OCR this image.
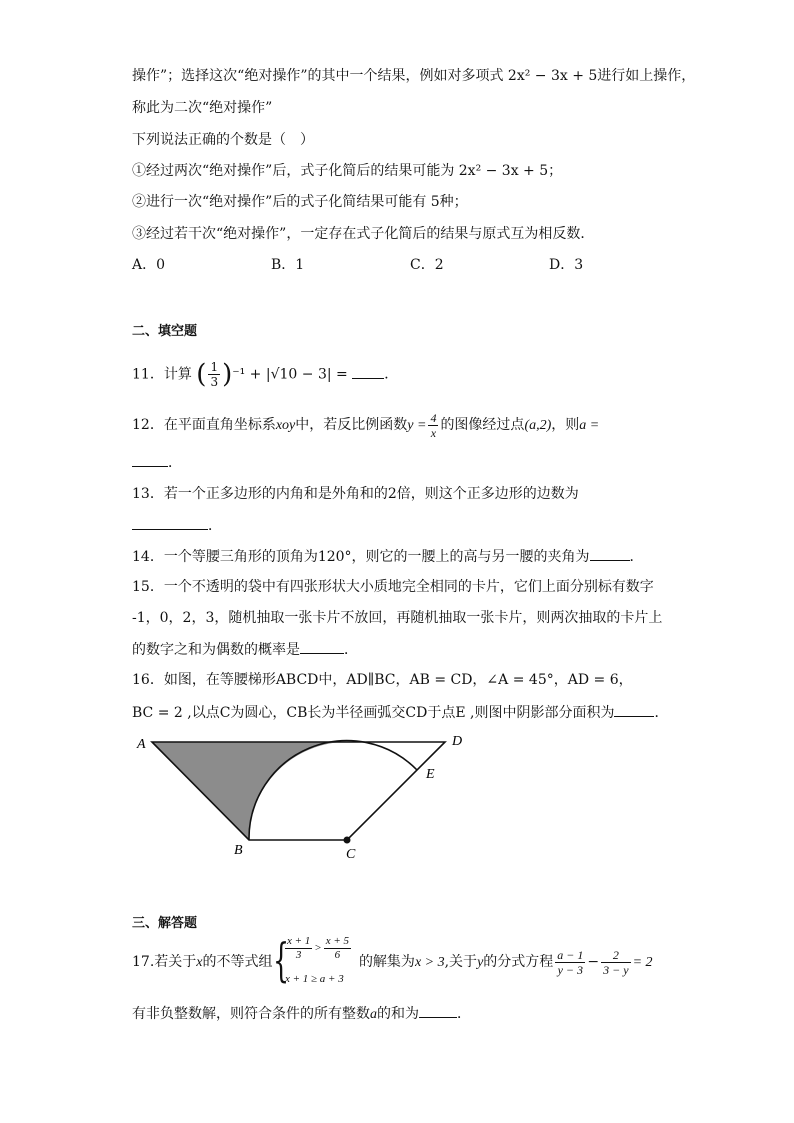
操作”；选择这次“绝对操作”的其中一个结果，例如对多项式 2x² − 3x + 5进行如上操作，
称此为二次“绝对操作”
下列说法正确的个数是（　）
①经过两次“绝对操作”后，式子化简后的结果可能为 2x² − 3x + 5；
②进行一次“绝对操作”后的式子化简结果可能有 5种；
③经过若干次“绝对操作”，一定存在式子化简后的结果与原式互为相反数．
A．0	B．1	C．2	D．3
二、填空题
11．计算 ( $\frac{1}{3} )^{-1} + |√10 - 3|$ =	．
12．在平面直角坐标系xoy中，若反比例函数$y = \frac{4}{x}$ 的图像经过点(a,2)，则a =
．
13．若一个正多边形的内角和是外角和的2倍，则这个正多边形的边数为
．
14．一个等腰三角形的顶角为120°，则它的一腰上的高与另一腰的夹角为	．
15．一个不透明的袋中有四张形状大小质地完全相同的卡片，它们上面分别标有数字
-1，0，2，3，随机抽取一张卡片不放回，再随机抽取一张卡片，则两次抽取的卡片上
的数字之和为偶数的概率是	．
16．如图，在等腰梯形ABCD中，AD∥BC，AB = CD，∠A = 45°，AD = 6，
BC = 2 ,以点C为圆心，CB长为半径画弧交CD于点E ,则图中阴影部分面积为	．
A	D
E
B	C
三、解答题
17.若关于x的不等式组 {
$\frac{x + 1}{3} > \frac{x + 5}{6}$
x + 1 ≥ a + 3
的解集为x > 3,关于y的分式方程 $\frac{a - 1}{y - 3} - \frac{2}{3 - y} = 2$
有非负整数解，则符合条件的所有整数a的和为	．
